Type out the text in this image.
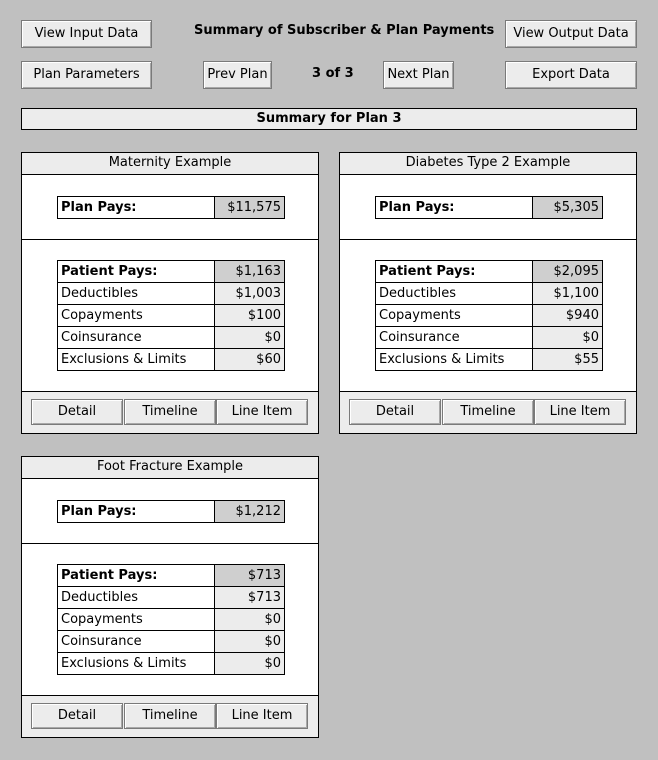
View Input Data	Summary of Subscriber & Plan Payments	View Output Data
Plan Parameters	Prev Plan	3 of 3	Next Plan	Export Data
Summary for Plan 3
Maternity Example
Plan Pays:	$11,575
Patient Pays:	$1,163
Deductibles	$1,003
Copayments	$100
Coinsurance	$0
Exclusions & Limits	$60
Detail	Timeline	Line Item
Diabetes Type 2 Example
Plan Pays:	$5,305
Patient Pays:	$2,095
Deductibles	$1,100
Copayments	$940
Coinsurance	$0
Exclusions & Limits	$55
Detail	Timeline	Line Item
Foot Fracture Example
Plan Pays:	$1,212
Patient Pays:	$713
Deductibles	$713
Copayments	$0
Coinsurance	$0
Exclusions & Limits	$0
Detail	Timeline	Line Item
